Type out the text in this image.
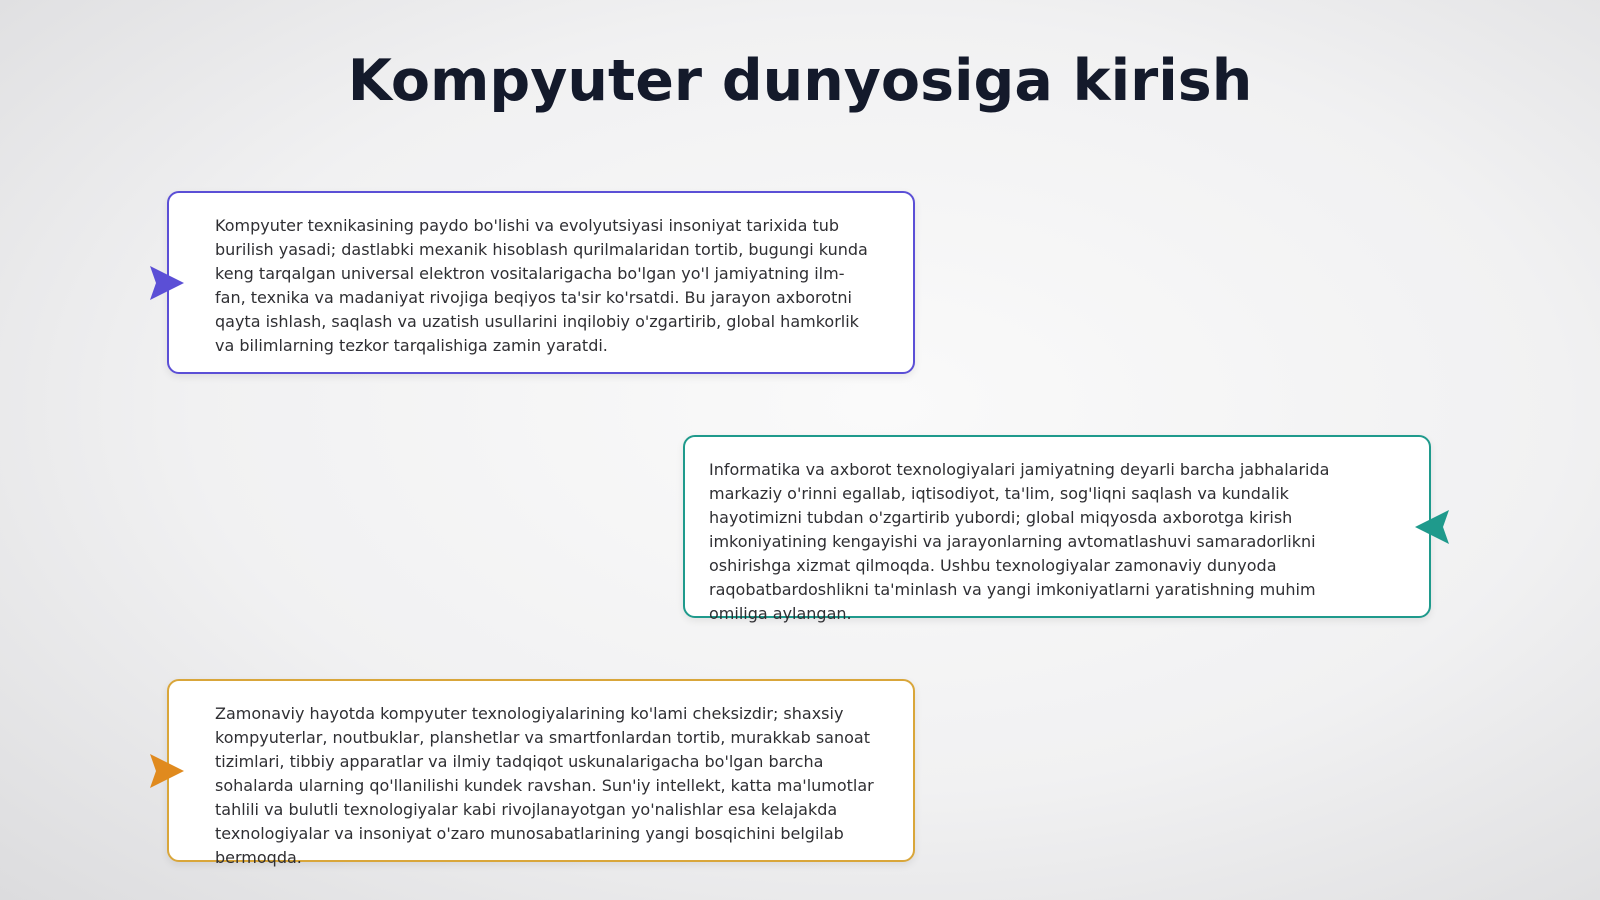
Kompyuter dunyosiga kirish

Kompyuter texnikasining paydo bo'lishi va evolyutsiyasi insoniyat tarixida tub burilish yasadi; dastlabki mexanik hisoblash qurilmalaridan tortib, bugungi kunda keng tarqalgan universal elektron vositalarigacha bo'lgan yo'l jamiyatning ilm-fan, texnika va madaniyat rivojiga beqiyos ta'sir ko'rsatdi. Bu jarayon axborotni qayta ishlash, saqlash va uzatish usullarini inqilobiy o'zgartirib, global hamkorlik va bilimlarning tezkor tarqalishiga zamin yaratdi.

Informatika va axborot texnologiyalari jamiyatning deyarli barcha jabhalarida markaziy o'rinni egallab, iqtisodiyot, ta'lim, sog'liqni saqlash va kundalik hayotimizni tubdan o'zgartirib yubordi; global miqyosda axborotga kirish imkoniyatining kengayishi va jarayonlarning avtomatlashuvi samaradorlikni oshirishga xizmat qilmoqda. Ushbu texnologiyalar zamonaviy dunyoda raqobatbardoshlikni ta'minlash va yangi imkoniyatlarni yaratishning muhim omiliga aylangan.

Zamonaviy hayotda kompyuter texnologiyalarining ko'lami cheksizdir; shaxsiy kompyuterlar, noutbuklar, planshetlar va smartfonlardan tortib, murakkab sanoat tizimlari, tibbiy apparatlar va ilmiy tadqiqot uskunalarigacha bo'lgan barcha sohalarda ularning qo'llanilishi kundek ravshan. Sun'iy intellekt, katta ma'lumotlar tahlili va bulutli texnologiyalar kabi rivojlanayotgan yo'nalishlar esa kelajakda texnologiyalar va insoniyat o'zaro munosabatlarining yangi bosqichini belgilab bermoqda.
